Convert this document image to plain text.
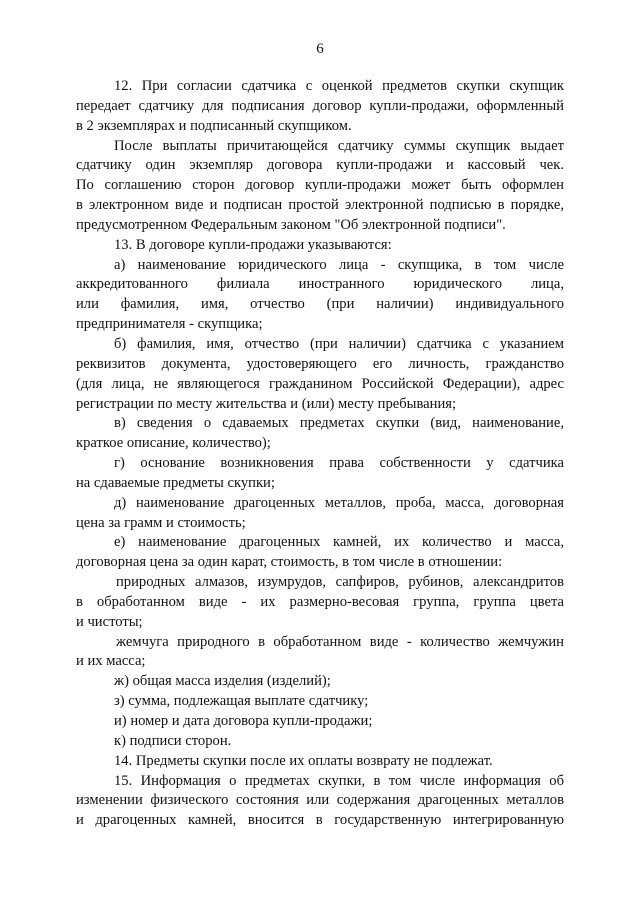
6
12. При согласии сдатчика с оценкой предметов скупки скупщик
передает сдатчику для подписания договор купли-продажи, оформленный
в 2 экземплярах и подписанный скупщиком.
После выплаты причитающейся сдатчику суммы скупщик выдает
сдатчику один экземпляр договора купли-продажи и кассовый чек.
По соглашению сторон договор купли-продажи может быть оформлен
в электронном виде и подписан простой электронной подписью в порядке,
предусмотренном Федеральным законом "Об электронной подписи".
13. В договоре купли-продажи указываются:
а) наименование юридического лица - скупщика, в том числе
аккредитованного филиала иностранного юридического лица,
или фамилия, имя, отчество (при наличии) индивидуального
предпринимателя - скупщика;
б) фамилия, имя, отчество (при наличии) сдатчика с указанием
реквизитов документа, удостоверяющего его личность, гражданство
(для лица, не являющегося гражданином Российской Федерации), адрес
регистрации по месту жительства и (или) месту пребывания;
в) сведения о сдаваемых предметах скупки (вид, наименование,
краткое описание, количество);
г) основание возникновения права собственности у сдатчика
на сдаваемые предметы скупки;
д) наименование драгоценных металлов, проба, масса, договорная
цена за грамм и стоимость;
е) наименование драгоценных камней, их количество и масса,
договорная цена за один карат, стоимость, в том числе в отношении:
природных алмазов, изумрудов, сапфиров, рубинов, александритов
в обработанном виде - их размерно-весовая группа, группа цвета
и чистоты;
жемчуга природного в обработанном виде - количество жемчужин
и их масса;
ж) общая масса изделия (изделий);
з) сумма, подлежащая выплате сдатчику;
и) номер и дата договора купли-продажи;
к) подписи сторон.
14. Предметы скупки после их оплаты возврату не подлежат.
15. Информация о предметах скупки, в том числе информация об
изменении физического состояния или содержания драгоценных металлов
и драгоценных камней, вносится в государственную интегрированную
